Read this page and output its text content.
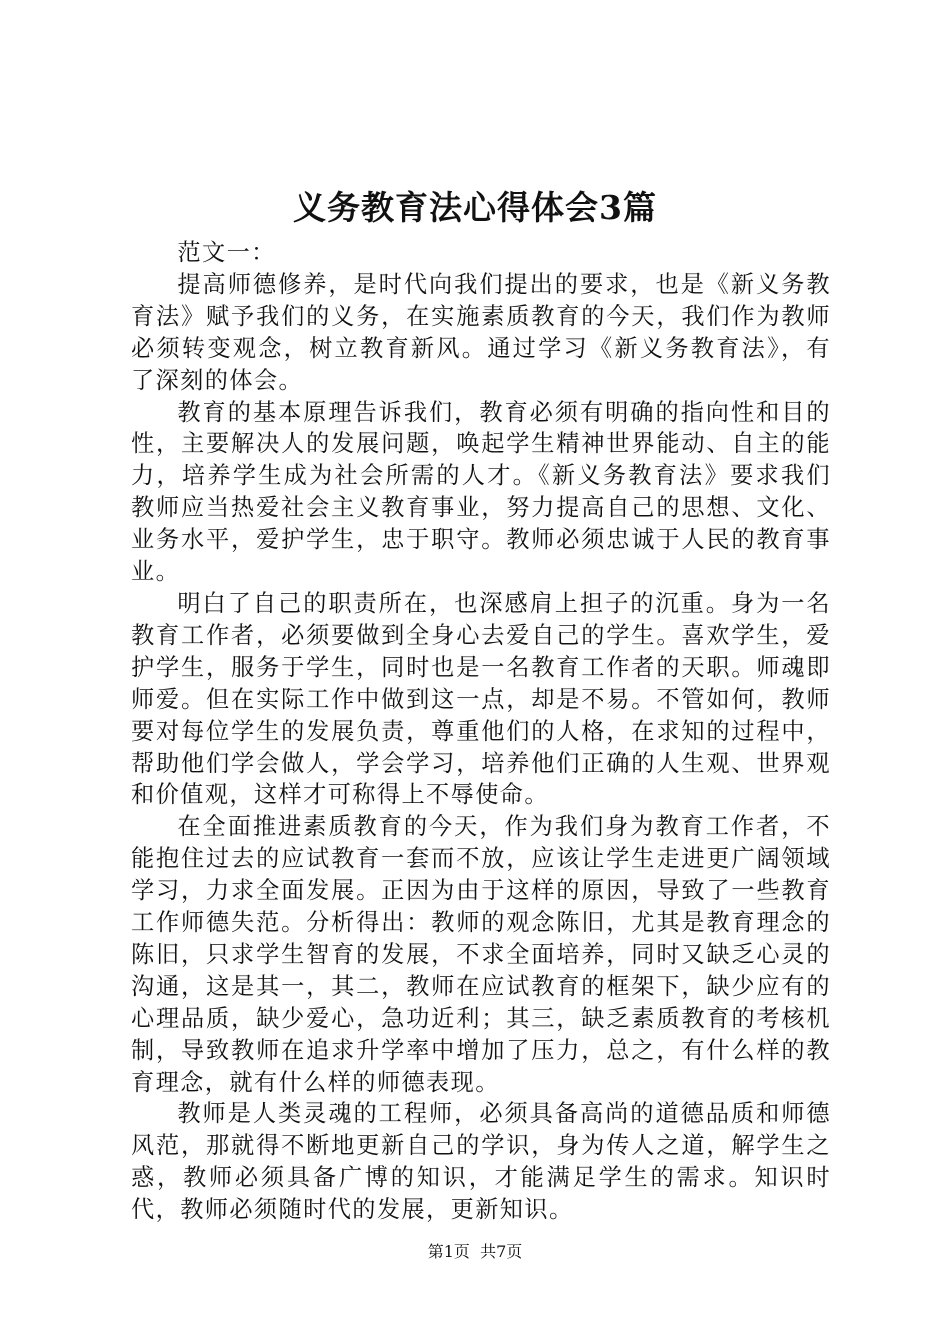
义务教育法心得体会3篇

范文一：

提高师德修养，是时代向我们提出的要求，也是《新义务教育法》赋予我们的义务，在实施素质教育的今天，我们作为教师必须转变观念，树立教育新风。通过学习《新义务教育法》，有了深刻的体会。

教育的基本原理告诉我们，教育必须有明确的指向性和目的性，主要解决人的发展问题，唤起学生精神世界能动、自主的能力，培养学生成为社会所需的人才。《新义务教育法》要求我们教师应当热爱社会主义教育事业，努力提高自己的思想、文化、业务水平，爱护学生，忠于职守。教师必须忠诚于人民的教育事业。

明白了自己的职责所在，也深感肩上担子的沉重。身为一名教育工作者，必须要做到全身心去爱自己的学生。喜欢学生，爱护学生，服务于学生，同时也是一名教育工作者的天职。师魂即师爱。但在实际工作中做到这一点，却是不易。不管如何，教师要对每位学生的发展负责，尊重他们的人格，在求知的过程中，帮助他们学会做人，学会学习，培养他们正确的人生观、世界观和价值观，这样才可称得上不辱使命。

在全面推进素质教育的今天，作为我们身为教育工作者，不能抱住过去的应试教育一套而不放，应该让学生走进更广阔领域学习，力求全面发展。正因为由于这样的原因，导致了一些教育工作师德失范。分析得出：教师的观念陈旧，尤其是教育理念的陈旧，只求学生智育的发展，不求全面培养，同时又缺乏心灵的沟通，这是其一，其二，教师在应试教育的框架下，缺少应有的心理品质，缺少爱心，急功近利；其三，缺乏素质教育的考核机制，导致教师在追求升学率中增加了压力，总之，有什么样的教育理念，就有什么样的师德表现。

教师是人类灵魂的工程师，必须具备高尚的道德品质和师德风范，那就得不断地更新自己的学识，身为传人之道，解学生之惑，教师必须具备广博的知识，才能满足学生的需求。知识时代，教师必须随时代的发展，更新知识。

第1页 共7页
